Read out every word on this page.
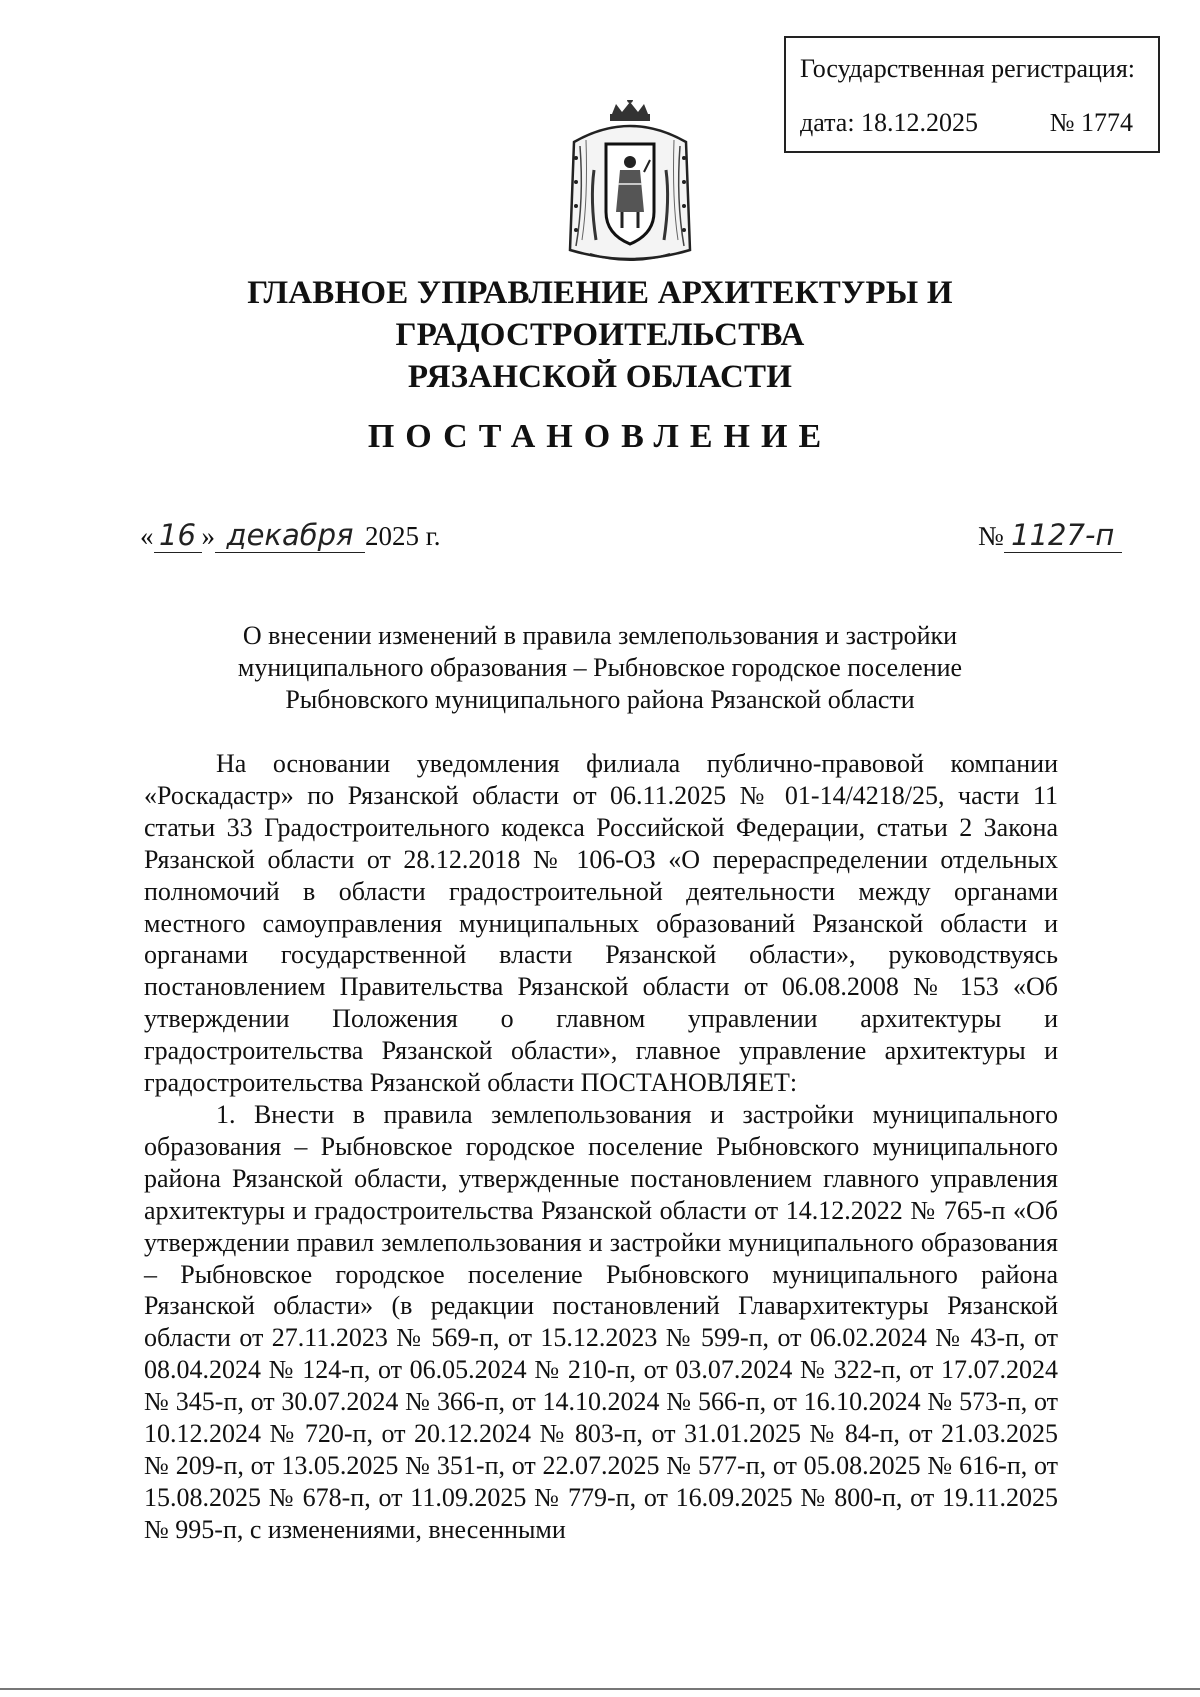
Государственная регистрация:
дата: 18.12.2025	№ 1774
ГЛАВНОЕ УПРАВЛЕНИЕ АРХИТЕКТУРЫ И ГРАДОСТРОИТЕЛЬСТВА
РЯЗАНСКОЙ ОБЛАСТИ
ПОСТАНОВЛЕНИЕ
« 16 » декабря 2025 г.	№ 1127-п
О внесении изменений в правила землепользования и застройки
муниципального образования – Рыбновское городское поселение
Рыбновского муниципального района Рязанской области

На основании уведомления филиала публично-правовой компании «Роскадастр» по Рязанской области от 06.11.2025 № 01-14/4218/25, части 11 статьи 33 Градостроительного кодекса Российской Федерации, статьи 2 Закона Рязанской области от 28.12.2018 № 106-ОЗ «О перераспределении отдельных полномочий в области градостроительной деятельности между органами местного самоуправления муниципальных образований Рязанской области и органами государственной власти Рязанской области», руководствуясь постановлением Правительства Рязанской области от 06.08.2008 № 153 «Об утверждении Положения о главном управлении архитектуры и градостроительства Рязанской области», главное управление архитектуры и градостроительства Рязанской области ПОСТАНОВЛЯЕТ:

1. Внести в правила землепользования и застройки муниципального образования – Рыбновское городское поселение Рыбновского муниципального района Рязанской области, утвержденные постановлением главного управления архитектуры и градостроительства Рязанской области от 14.12.2022 № 765-п «Об утверждении правил землепользования и застройки муниципального образования – Рыбновское городское поселение Рыбновского муниципального района Рязанской области» (в редакции постановлений Главархитектуры Рязанской области от 27.11.2023 № 569-п, от 15.12.2023 № 599-п, от 06.02.2024 № 43-п, от 08.04.2024 № 124-п, от 06.05.2024 № 210-п, от 03.07.2024 № 322-п, от 17.07.2024 № 345-п, от 30.07.2024 № 366-п, от 14.10.2024 № 566-п, от 16.10.2024 № 573-п, от 10.12.2024 № 720-п, от 20.12.2024 № 803-п, от 31.01.2025 № 84-п, от 21.03.2025 № 209-п, от 13.05.2025 № 351-п, от 22.07.2025 № 577-п, от 05.08.2025 № 616-п, от 15.08.2025 № 678-п, от 11.09.2025 № 779-п, от 16.09.2025 № 800-п, от 19.11.2025 № 995-п, с изменениями, внесенными
